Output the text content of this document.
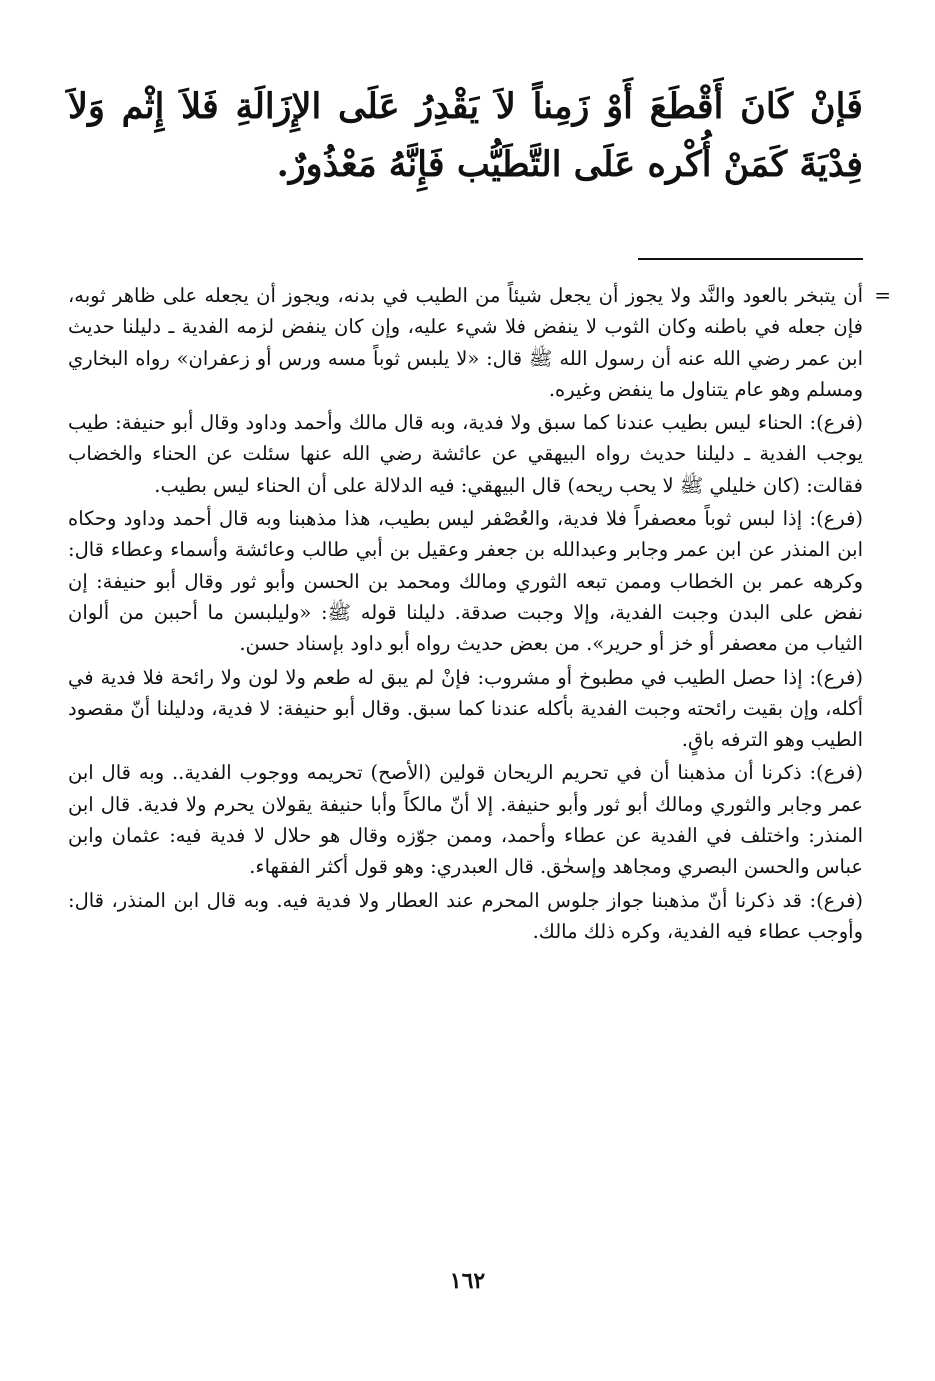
فَإنْ كَانَ أَقْطَعَ أَوْ زَمِناً لاَ يَقْدِرُ عَلَى الإِزَالَةِ فَلاَ إِثْم وَلاَ فِدْيَةَ كَمَنْ أُكْره عَلَى التَّطَيُّب فَإِنَّهُ مَعْذُورٌ.

=

أن يتبخر بالعود والنَّد ولا يجوز أن يجعل شيئاً من الطيب في بدنه، ويجوز أن يجعله على ظاهر ثوبه، فإن جعله في باطنه وكان الثوب لا ينفض فلا شيء عليه، وإن كان ينفض لزمه الفدية ـ دليلنا حديث ابن عمر رضي الله عنه أن رسول الله ﷺ قال: «لا يلبس ثوباً مسه ورس أو زعفران» رواه البخاري ومسلم وهو عام يتناول ما ينفض وغيره.

(فرع): الحناء ليس بطيب عندنا كما سبق ولا فدية، وبه قال مالك وأحمد وداود وقال أبو حنيفة: طيب يوجب الفدية ـ دليلنا حديث رواه البيهقي عن عائشة رضي الله عنها سئلت عن الحناء والخضاب فقالت: (كان خليلي ﷺ لا يحب ريحه) قال البيهقي: فيه الدلالة على أن الحناء ليس بطيب.

(فرع): إذا لبس ثوباً معصفراً فلا فدية، والعُصْفر ليس بطيب، هذا مذهبنا وبه قال أحمد وداود وحكاه ابن المنذر عن ابن عمر وجابر وعبدالله بن جعفر وعقيل بن أبي طالب وعائشة وأسماء وعطاء قال: وكرهه عمر بن الخطاب وممن تبعه الثوري ومالك ومحمد بن الحسن وأبو ثور وقال أبو حنيفة: إن نفض على البدن وجبت الفدية، وإلا وجبت صدقة. دليلنا قوله ﷺ: «وليلبسن ما أحببن من ألوان الثياب من معصفر أو خز أو حرير». من بعض حديث رواه أبو داود بإسناد حسن.

(فرع): إذا حصل الطيب في مطبوخ أو مشروب: فإنْ لم يبق له طعم ولا لون ولا رائحة فلا فدية في أكله، وإن بقيت رائحته وجبت الفدية بأكله عندنا كما سبق. وقال أبو حنيفة: لا فدية، ودليلنا أنّ مقصود الطيب وهو الترفه باقٍ.

(فرع): ذكرنا أن مذهبنا أن في تحريم الريحان قولين (الأصح) تحريمه ووجوب الفدية.. وبه قال ابن عمر وجابر والثوري ومالك أبو ثور وأبو حنيفة. إلا أنّ مالكاً وأبا حنيفة يقولان يحرم ولا فدية. قال ابن المنذر: واختلف في الفدية عن عطاء وأحمد، وممن جوّزه وقال هو حلال لا فدية فيه: عثمان وابن عباس والحسن البصري ومجاهد وإسحٰق. قال العبدري: وهو قول أكثر الفقهاء.

(فرع): قد ذكرنا أنّ مذهبنا جواز جلوس المحرم عند العطار ولا فدية فيه. وبه قال ابن المنذر، قال: وأوجب عطاء فيه الفدية، وكره ذلك مالك.

١٦٢
